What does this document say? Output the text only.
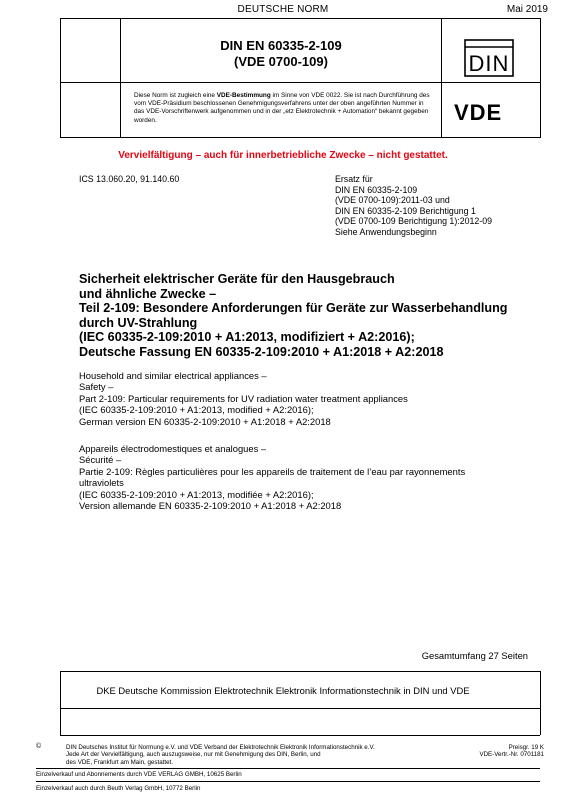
DEUTSCHE NORM	Mai 2019
DIN EN 60335-2-109
(VDE 0700-109)	DIN
Diese Norm ist zugleich eine VDE-Bestimmung im Sinne von VDE 0022. Sie ist nach Durchführung des vom VDE-Präsidium beschlossenen Genehmigungsverfahrens unter der oben angeführten Nummer in das VDE-Vorschriftenwerk aufgenommen und in der „etz Elektrotechnik + Automation“ bekannt gegeben worden.	VDE
Vervielfältigung – auch für innerbetriebliche Zwecke – nicht gestattet.
ICS 13.060.20, 91.140.60	Ersatz für
DIN EN 60335-2-109
(VDE 0700-109):2011-03 und
DIN EN 60335-2-109 Berichtigung 1
(VDE 0700-109 Berichtigung 1):2012-09
Siehe Anwendungsbeginn
Sicherheit elektrischer Geräte für den Hausgebrauch
und ähnliche Zwecke –
Teil 2-109: Besondere Anforderungen für Geräte zur Wasserbehandlung
durch UV-Strahlung
(IEC 60335-2-109:2010 + A1:2013, modifiziert + A2:2016);
Deutsche Fassung EN 60335-2-109:2010 + A1:2018 + A2:2018
Household and similar electrical appliances –
Safety –
Part 2-109: Particular requirements for UV radiation water treatment appliances
(IEC 60335-2-109:2010 + A1:2013, modified + A2:2016);
German version EN 60335-2-109:2010 + A1:2018 + A2:2018
Appareils électrodomestiques et analogues –
Sécurité –
Partie 2-109: Règles particulières pour les appareils de traitement de l’eau par rayonnements
ultraviolets
(IEC 60335-2-109:2010 + A1:2013, modifiée + A2:2016);
Version allemande EN 60335-2-109:2010 + A1:2018 + A2:2018
Gesamtumfang 27 Seiten
DKE Deutsche Kommission Elektrotechnik Elektronik Informationstechnik in DIN und VDE
©	DIN Deutsches Institut für Normung e.V. und VDE Verband der Elektrotechnik Elektronik Informationstechnik e.V.
Jede Art der Vervielfältigung, auch auszugsweise, nur mit Genehmigung des DIN, Berlin, und
des VDE, Frankfurt am Main, gestattet.
Preisgr. 19 K
VDE-Vertr.-Nr. 0701181
Einzelverkauf und Abonnements durch VDE VERLAG GMBH, 10625 Berlin
Einzelverkauf auch durch Beuth Verlag GmbH, 10772 Berlin
